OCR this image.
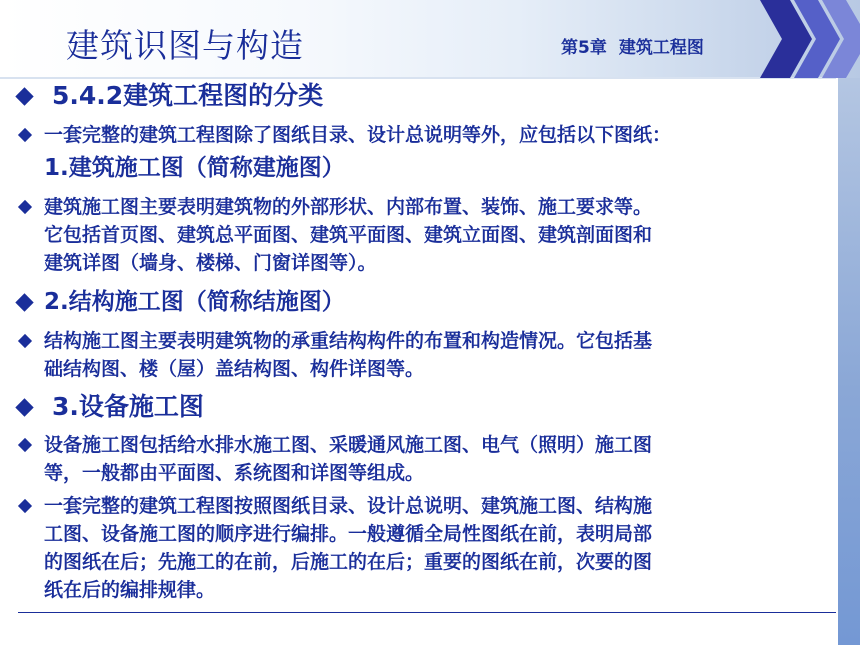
建筑识图与构造	第5章 建筑工程图
5.4.2建筑工程图的分类
一套完整的建筑工程图除了图纸目录、设计总说明等外，应包括以下图纸：
1.建筑施工图（简称建施图）
建筑施工图主要表明建筑物的外部形状、内部布置、装饰、施工要求等。
它包括首页图、建筑总平面图、建筑平面图、建筑立面图、建筑剖面图和
建筑详图（墙身、楼梯、门窗详图等）。
2.结构施工图（简称结施图）
结构施工图主要表明建筑物的承重结构构件的布置和构造情况。它包括基
础结构图、楼（屋）盖结构图、构件详图等。
3.设备施工图
设备施工图包括给水排水施工图、采暖通风施工图、电气（照明）施工图
等，一般都由平面图、系统图和详图等组成。
一套完整的建筑工程图按照图纸目录、设计总说明、建筑施工图、结构施
工图、设备施工图的顺序进行编排。一般遵循全局性图纸在前，表明局部
的图纸在后；先施工的在前，后施工的在后；重要的图纸在前，次要的图
纸在后的编排规律。
